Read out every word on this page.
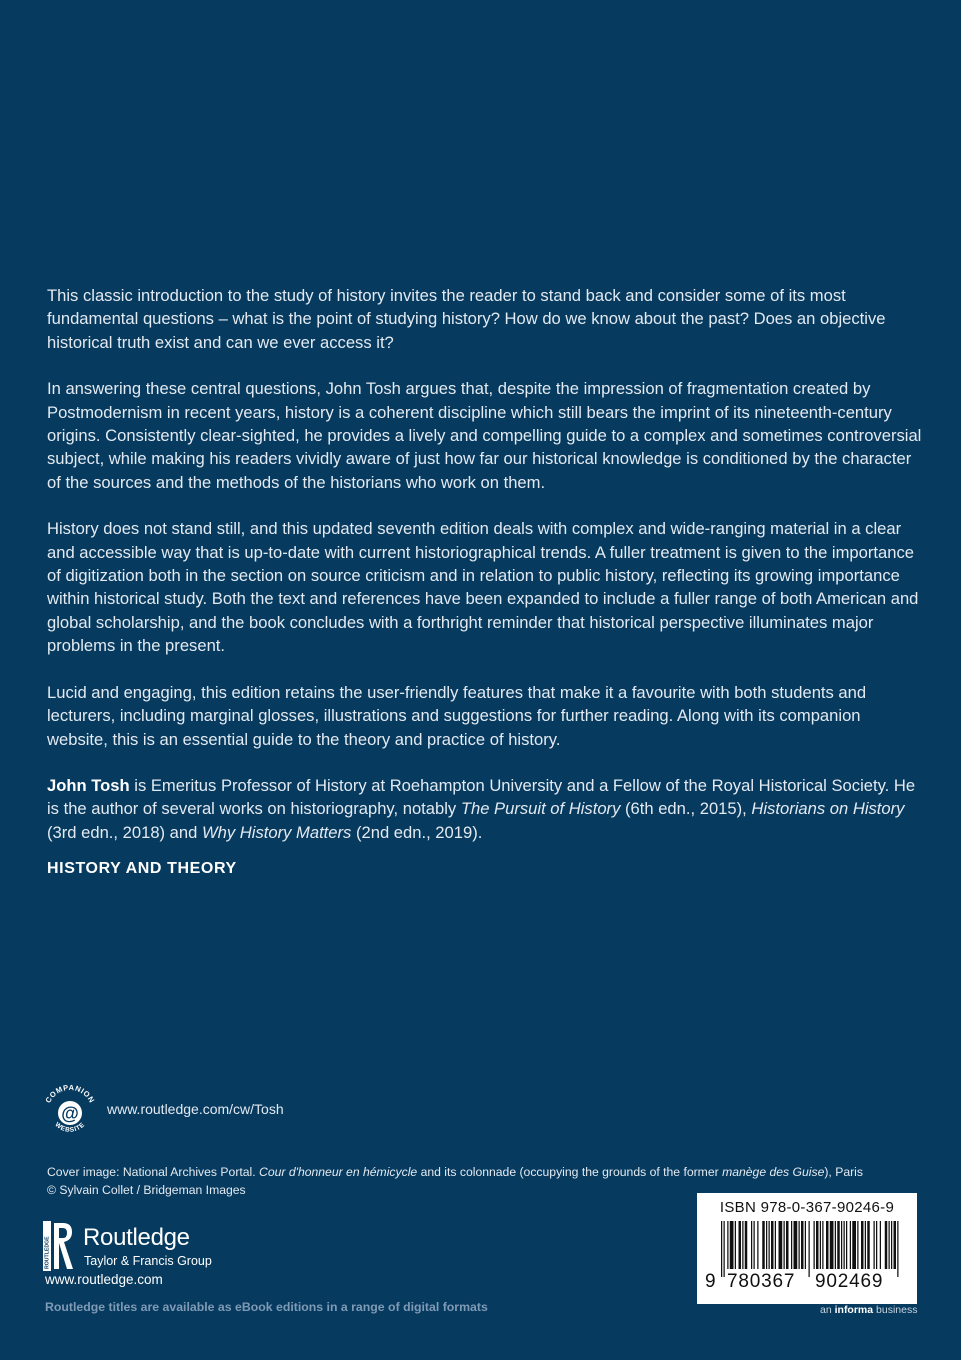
This classic introduction to the study of history invites the reader to stand back and consider some of its most fundamental questions – what is the point of studying history? How do we know about the past? Does an objective historical truth exist and can we ever access it?

In answering these central questions, John Tosh argues that, despite the impression of fragmentation created by Postmodernism in recent years, history is a coherent discipline which still bears the imprint of its nineteenth-century origins. Consistently clear-sighted, he provides a lively and compelling guide to a complex and sometimes controversial subject, while making his readers vividly aware of just how far our historical knowledge is conditioned by the character of the sources and the methods of the historians who work on them.

History does not stand still, and this updated seventh edition deals with complex and wide-ranging material in a clear and accessible way that is up-to-date with current historiographical trends. A fuller treatment is given to the importance of digitization both in the section on source criticism and in relation to public history, reflecting its growing importance within historical study. Both the text and references have been expanded to include a fuller range of both American and global scholarship, and the book concludes with a forthright reminder that historical perspective illuminates major problems in the present.

Lucid and engaging, this edition retains the user-friendly features that make it a favourite with both students and lecturers, including marginal glosses, illustrations and suggestions for further reading. Along with its companion website, this is an essential guide to the theory and practice of history.

John Tosh is Emeritus Professor of History at Roehampton University and a Fellow of the Royal Historical Society. He is the author of several works on historiography, notably The Pursuit of History (6th edn., 2015), Historians on History (3rd edn., 2018) and Why History Matters (2nd edn., 2019).

HISTORY AND THEORY
@
COMPANION
WEBSITE
www.routledge.com/cw/Tosh
Cover image: National Archives Portal. Cour d'honneur en hémicycle and its colonnade (occupying the grounds of the former manège des Guise), Paris
© Sylvain Collet / Bridgeman Images
ROUTLEDGE Routledge
Taylor & Francis Group
www.routledge.com
Routledge titles are available as eBook editions in a range of digital formats
ISBN 978-0-367-90246-9
9 780367 902469
an informa business
